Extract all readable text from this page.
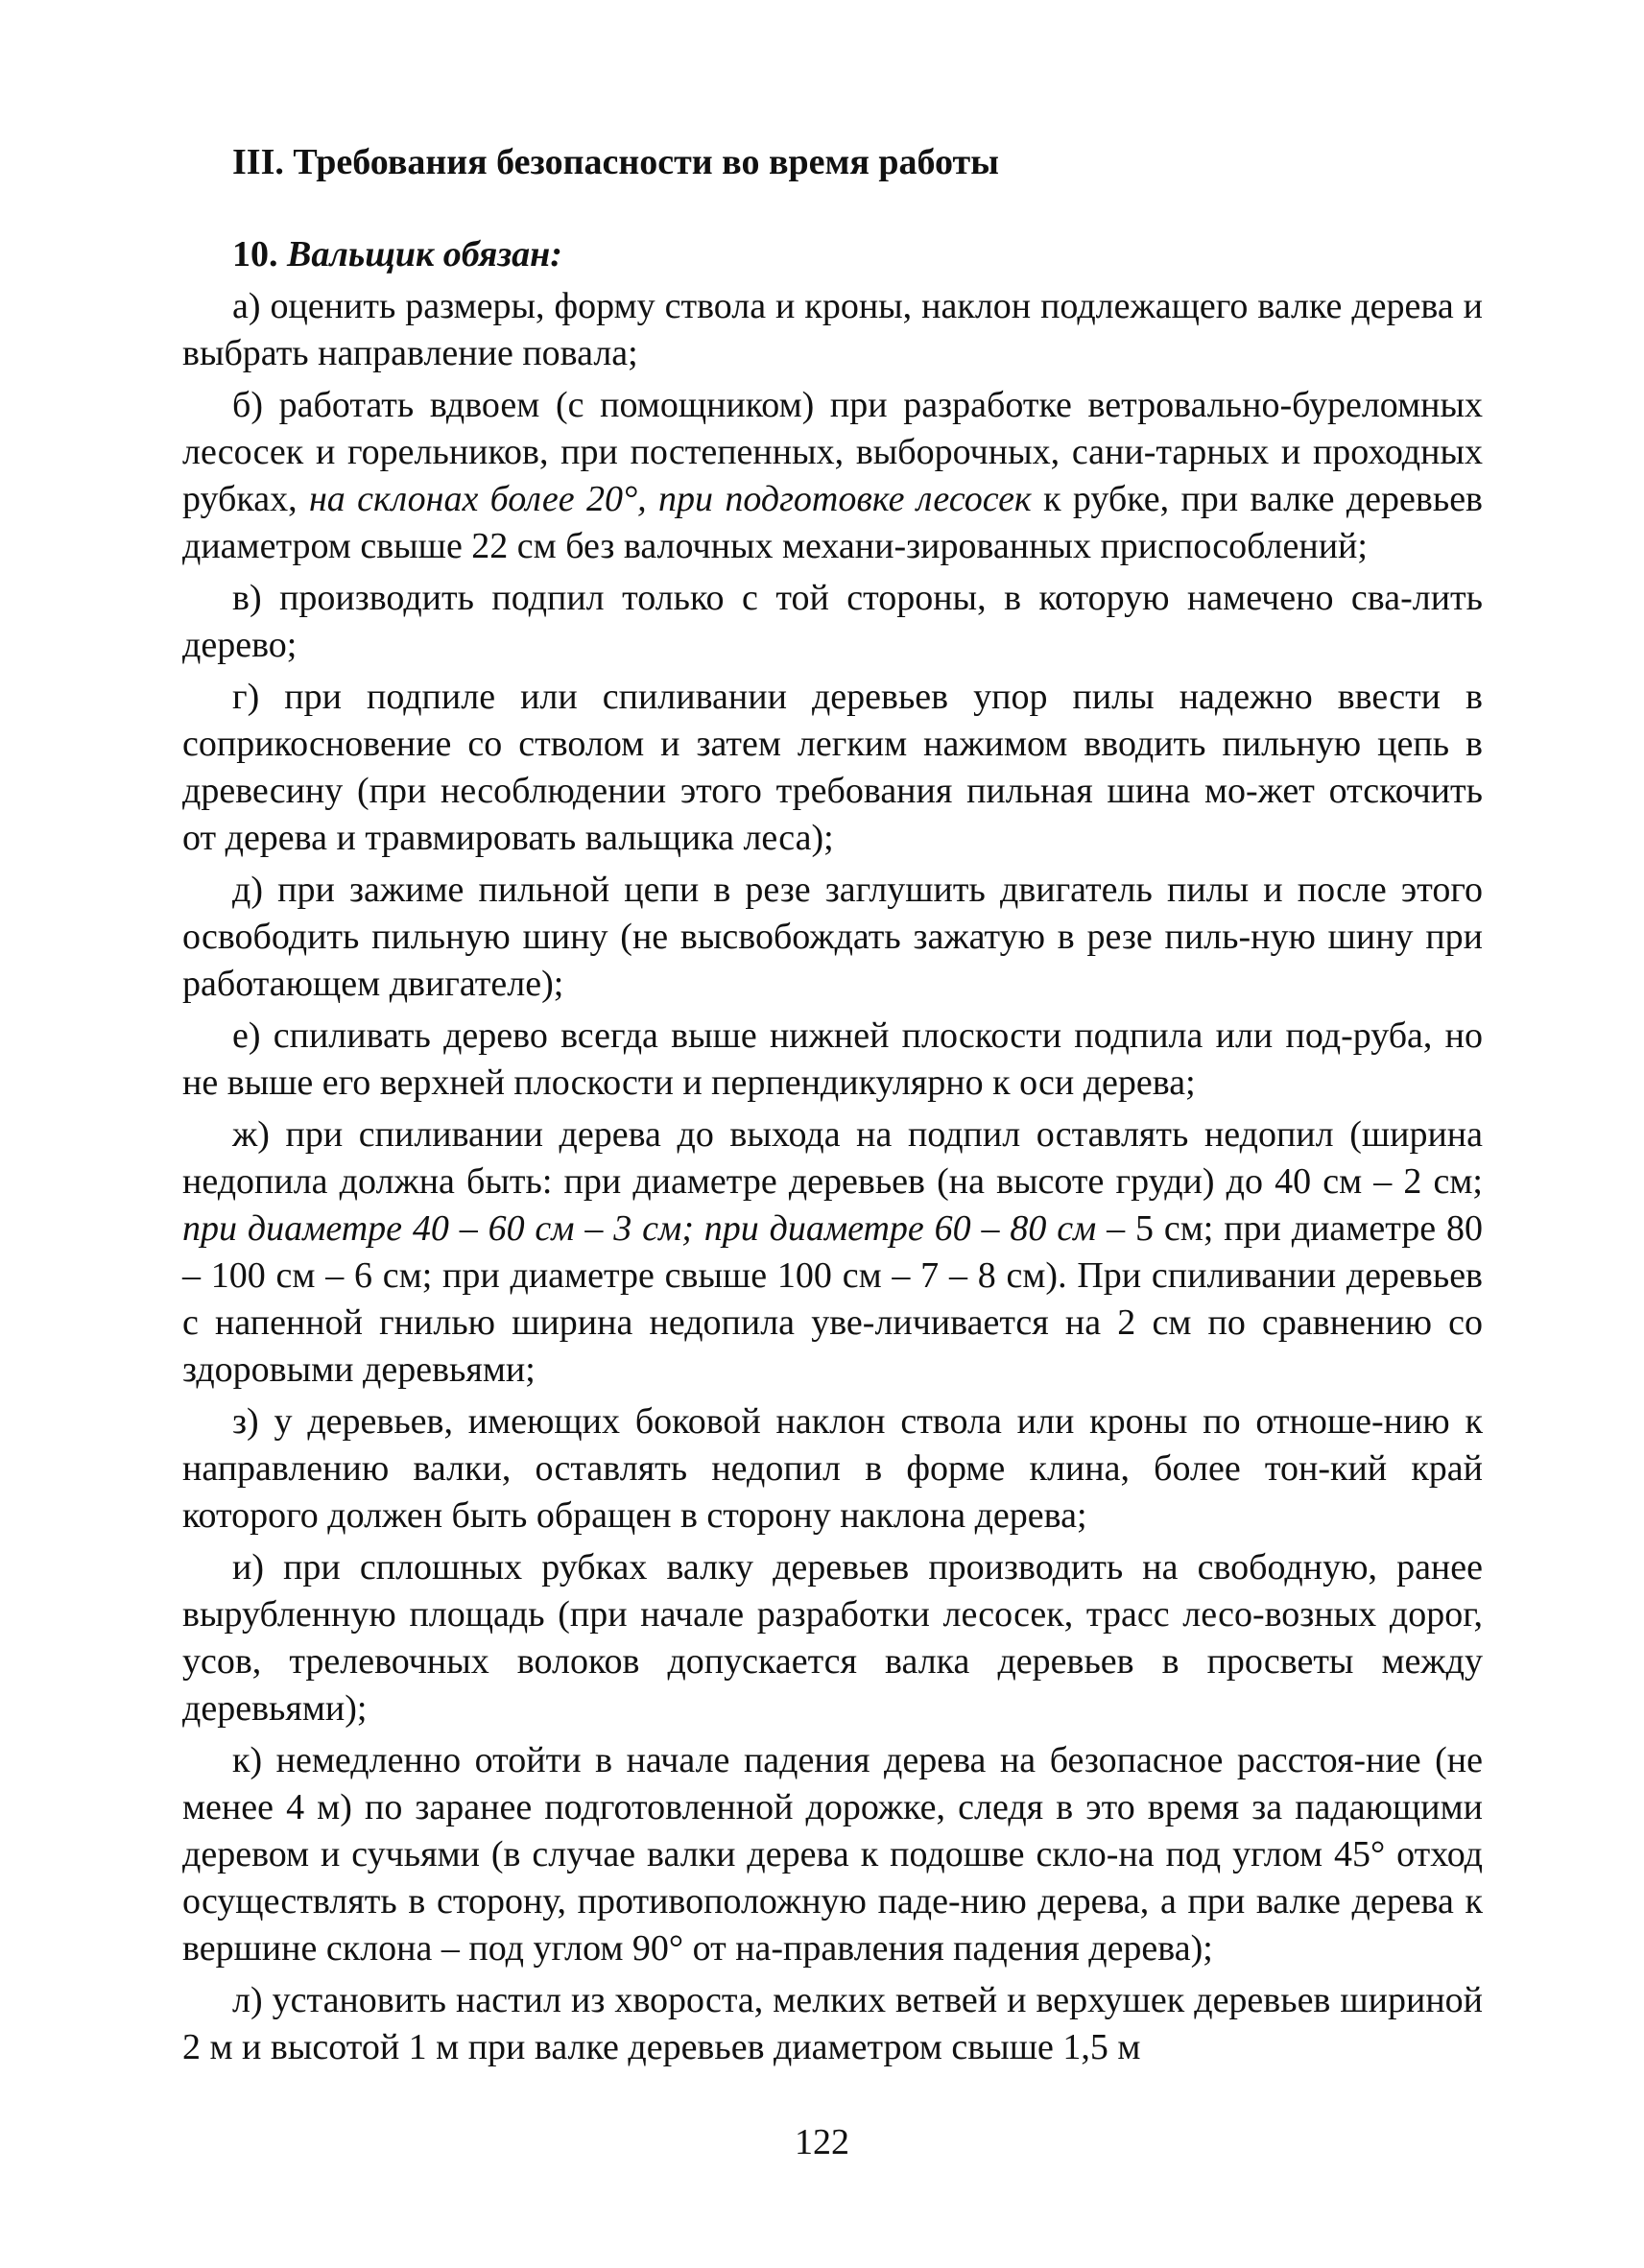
III. Требования безопасности во время работы
10. Вальщик обязан:

а) оценить размеры, форму ствола и кроны, наклон подлежащего валке дерева и выбрать направление повала;

б) работать вдвоем (с помощником) при разработке ветровально-буреломных лесосек и горельников, при постепенных, выборочных, сани-тарных и проходных рубках, на склонах более 20°, при подготовке лесосек к рубке, при валке деревьев диаметром свыше 22 см без валочных механи-зированных приспособлений;

в) производить подпил только с той стороны, в которую намечено сва-лить дерево;

г) при подпиле или спиливании деревьев упор пилы надежно ввести в соприкосновение со стволом и затем легким нажимом вводить пильную цепь в древесину (при несоблюдении этого требования пильная шина мо-жет отскочить от дерева и травмировать вальщика леса);

д) при зажиме пильной цепи в резе заглушить двигатель пилы и после этого освободить пильную шину (не высвобождать зажатую в резе пиль-ную шину при работающем двигателе);

е) спиливать дерево всегда выше нижней плоскости подпила или под-руба, но не выше его верхней плоскости и перпендикулярно к оси дерева;

ж) при спиливании дерева до выхода на подпил оставлять недопил (ширина недопила должна быть: при диаметре деревьев (на высоте груди) до 40 см – 2 см; при диаметре 40 – 60 см – 3 см; при диаметре 60 – 80 см – 5 см; при диаметре 80 – 100 см – 6 см; при диаметре свыше 100 см – 7 – 8 см). При спиливании деревьев с напенной гнилью ширина недопила уве-личивается на 2 см по сравнению со здоровыми деревьями;

з) у деревьев, имеющих боковой наклон ствола или кроны по отноше-нию к направлению валки, оставлять недопил в форме клина, более тон-кий край которого должен быть обращен в сторону наклона дерева;

и) при сплошных рубках валку деревьев производить на свободную, ранее вырубленную площадь (при начале разработки лесосек, трасс лесо-возных дорог, усов, трелевочных волоков допускается валка деревьев в просветы между деревьями);

к) немедленно отойти в начале падения дерева на безопасное расстоя-ние (не менее 4 м) по заранее подготовленной дорожке, следя в это время за падающими деревом и сучьями (в случае валки дерева к подошве скло-на под углом 45° отход осуществлять в сторону, противоположную паде-нию дерева, а при валке дерева к вершине склона – под углом 90° от на-правления падения дерева);

л) установить настил из хвороста, мелких ветвей и верхушек деревьев шириной 2 м и высотой 1 м при валке деревьев диаметром свыше 1,5 м

122
